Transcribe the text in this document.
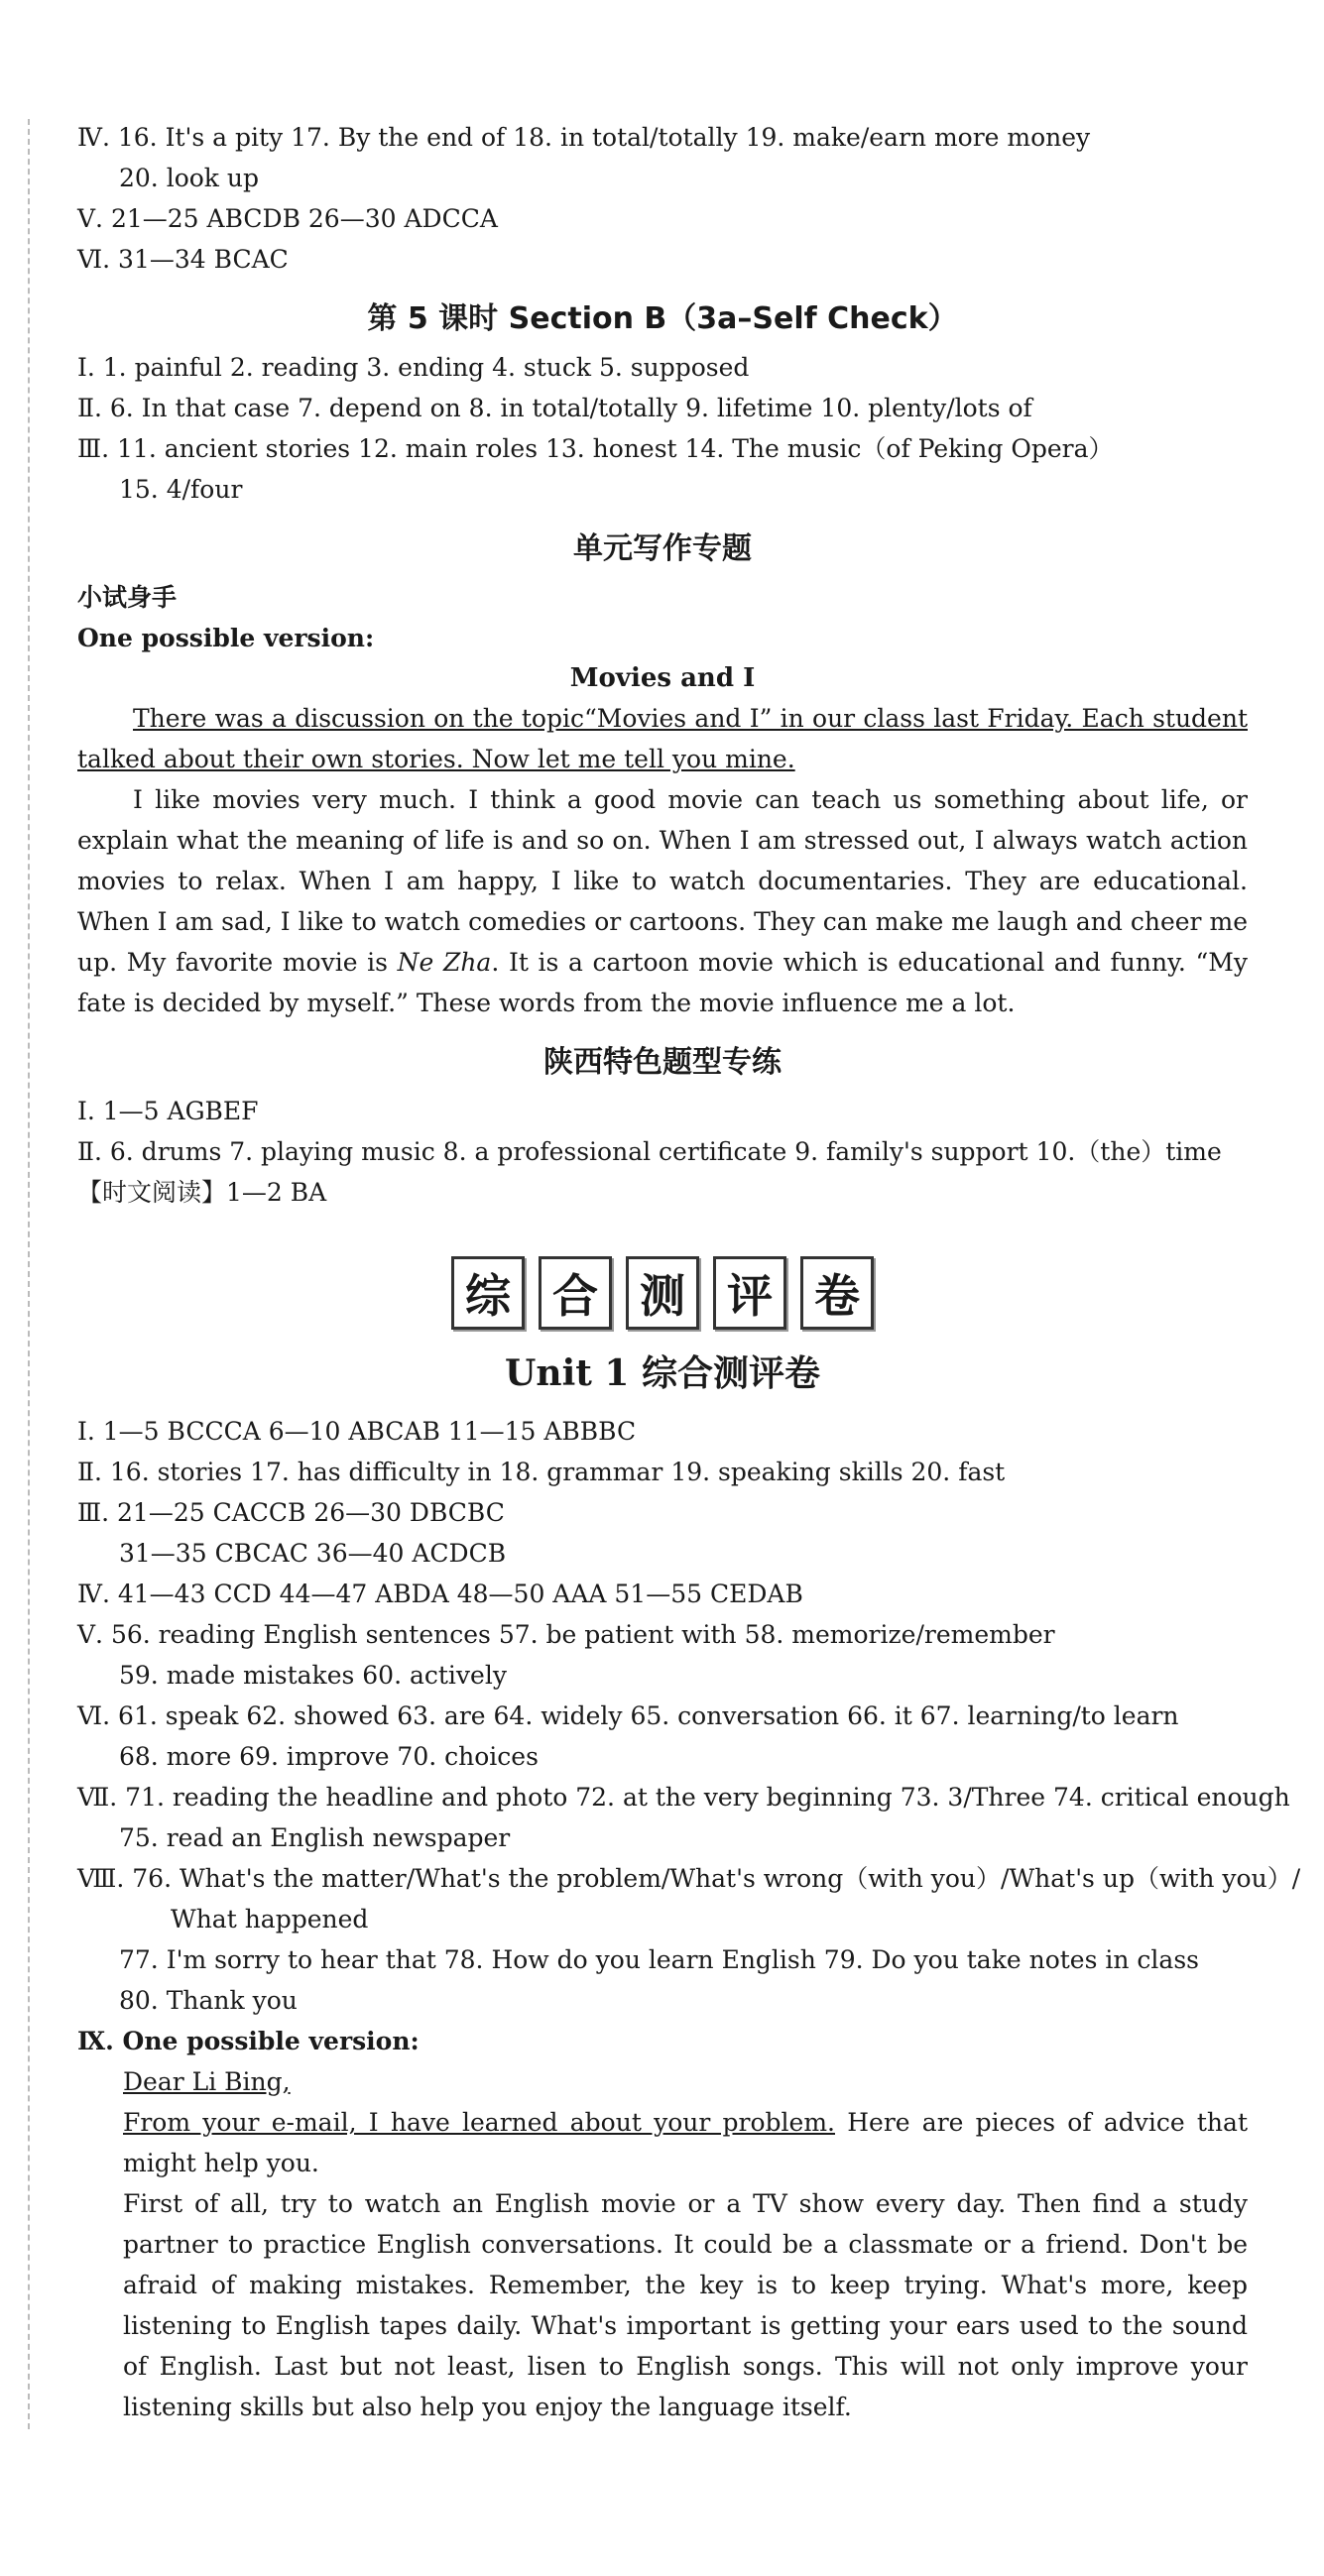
Ⅳ. 16. It's a pity 17. By the end of 18. in total/totally 19. make/earn more money
20. look up
Ⅴ. 21—25 ABCDB 26—30 ADCCA
Ⅵ. 31—34 BCAC
第 5 课时 Section B（3a–Self Check）
Ⅰ. 1. painful 2. reading 3. ending 4. stuck 5. supposed
Ⅱ. 6. In that case 7. depend on 8. in total/totally 9. lifetime 10. plenty/lots of
Ⅲ. 11. ancient stories 12. main roles 13. honest 14. The music（of Peking Opera）
15. 4/four
单元写作专题
小试身手
One possible version:
Movies and I
There was a discussion on the topic“Movies and I” in our class last Friday. Each student talked about their own stories. Now let me tell you mine.
I like movies very much. I think a good movie can teach us something about life, or explain what the meaning of life is and so on. When I am stressed out, I always watch action movies to relax. When I am happy, I like to watch documentaries. They are educational. When I am sad, I like to watch comedies or cartoons. They can make me laugh and cheer me up. My favorite movie is Ne Zha. It is a cartoon movie which is educational and funny. “My fate is decided by myself.” These words from the movie influence me a lot.
陕西特色题型专练
Ⅰ. 1—5 AGBEF
Ⅱ. 6. drums 7. playing music 8. a professional certificate 9. family's support 10.（the）time
【时文阅读】1—2 BA
综 合 测 评 卷
Unit 1 综合测评卷
Ⅰ. 1—5 BCCCA 6—10 ABCAB 11—15 ABBBC
Ⅱ. 16. stories 17. has difficulty in 18. grammar 19. speaking skills 20. fast
Ⅲ. 21—25 CACCB 26—30 DBCBC
31—35 CBCAC 36—40 ACDCB
Ⅳ. 41—43 CCD 44—47 ABDA 48—50 AAA 51—55 CEDAB
Ⅴ. 56. reading English sentences 57. be patient with 58. memorize/remember
59. made mistakes 60. actively
Ⅵ. 61. speak 62. showed 63. are 64. widely 65. conversation 66. it 67. learning/to learn
68. more 69. improve 70. choices
Ⅶ. 71. reading the headline and photo 72. at the very beginning 73. 3/Three 74. critical enough
75. read an English newspaper
Ⅷ. 76. What's the matter/What's the problem/What's wrong（with you）/What's up（with you）/
What happened
77. I'm sorry to hear that 78. How do you learn English 79. Do you take notes in class
80. Thank you
Ⅸ. One possible version:
Dear Li Bing,
From your e-mail, I have learned about your problem. Here are pieces of advice that might help you.
First of all, try to watch an English movie or a TV show every day. Then find a study partner to practice English conversations. It could be a classmate or a friend. Don't be afraid of making mistakes. Remember, the key is to keep trying. What's more, keep listening to English tapes daily. What's important is getting your ears used to the sound of English. Last but not least, lisen to English songs. This will not only improve your listening skills but also help you enjoy the language itself.
